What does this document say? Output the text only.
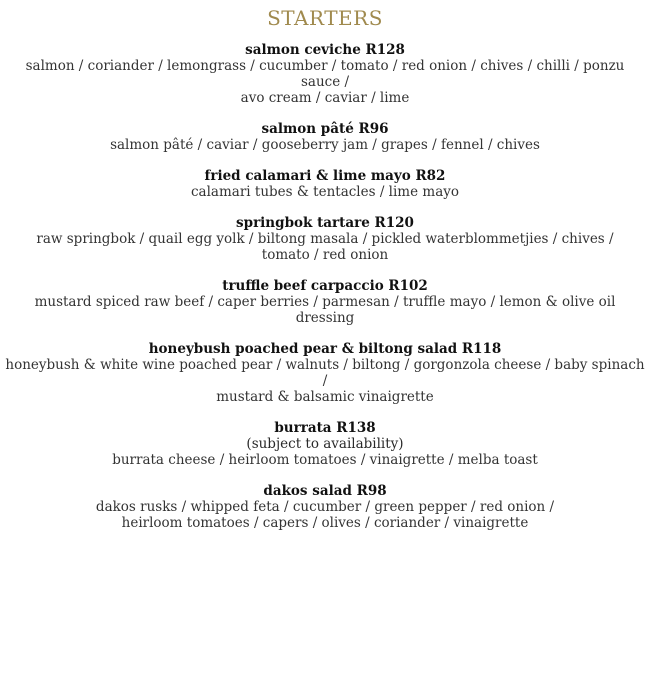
STARTERS
salmon ceviche R128
salmon / coriander / lemongrass / cucumber / tomato / red onion / chives / chilli / ponzu sauce /
avo cream / caviar / lime
salmon pâté R96
salmon pâté / caviar / gooseberry jam / grapes / fennel / chives
fried calamari & lime mayo R82
calamari tubes & tentacles / lime mayo
springbok tartare R120
raw springbok / quail egg yolk / biltong masala / pickled waterblommetjies / chives /
tomato / red onion
truffle beef carpaccio R102
mustard spiced raw beef / caper berries / parmesan / truffle mayo / lemon & olive oil dressing
honeybush poached pear & biltong salad R118
honeybush & white wine poached pear / walnuts / biltong / gorgonzola cheese / baby spinach /
mustard & balsamic vinaigrette
burrata R138
(subject to availability)
burrata cheese / heirloom tomatoes / vinaigrette / melba toast
dakos salad R98
dakos rusks / whipped feta / cucumber / green pepper / red onion /
heirloom tomatoes / capers / olives / coriander / vinaigrette
